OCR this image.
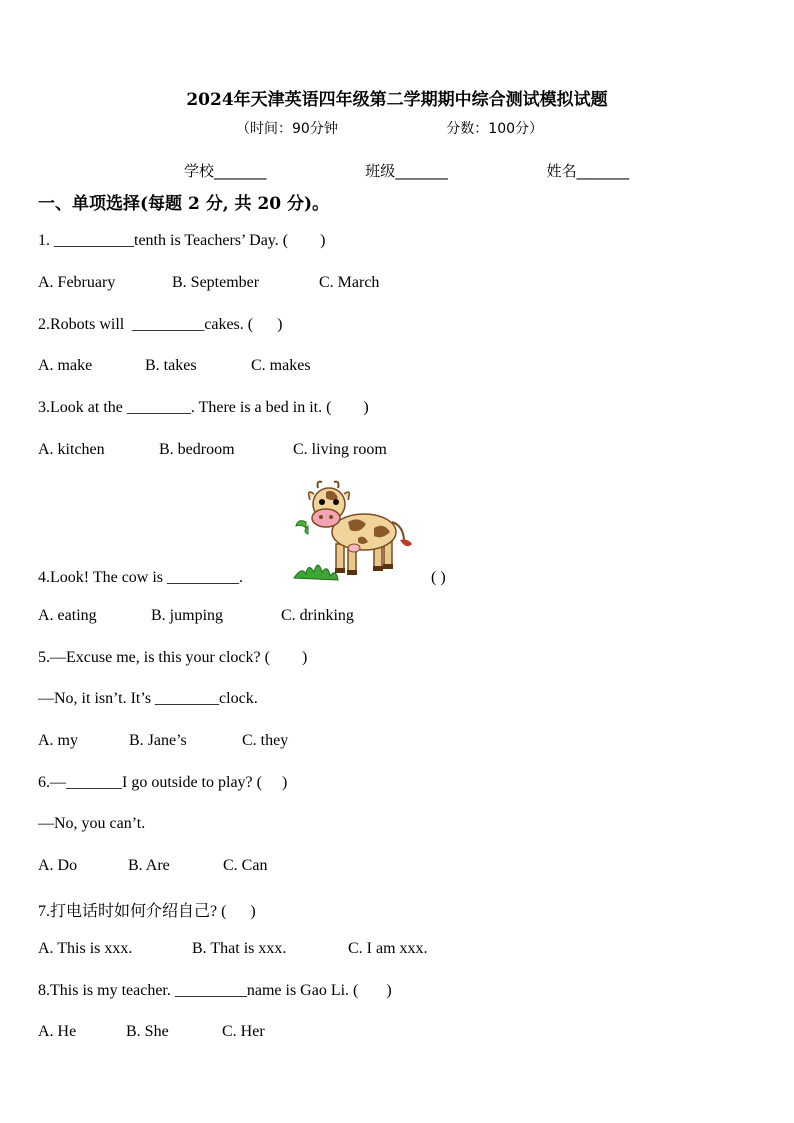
2024年天津英语四年级第二学期期中综合测试模拟试题
（时间：90分钟	分数：100分）
学校_______	班级_______	姓名_______
一、单项选择(每题 2 分, 共 20 分)。
1. __________tenth is Teachers’ Day. (        )
A. February	B. September	C. March
2.Robots will  _________cakes. (      )
A. make	B. takes	C. makes
3.Look at the ________. There is a bed in it. (        )
A. kitchen	B. bedroom	C. living room
4.Look! The cow is _________.	( )
A. eating	B. jumping	C. drinking
5.—Excuse me, is this your clock? (        )
—No, it isn’t. It’s ________clock.
A. my	B. Jane’s	C. they
6.—_______I go outside to play? (     )
—No, you can’t.
A. Do	B. Are	C. Can
7.打电话时如何介绍自己? (      )
A. This is xxx.	B. That is xxx.	C. I am xxx.
8.This is my teacher. _________name is Gao Li. (       )
A. He	B. She	C. Her
